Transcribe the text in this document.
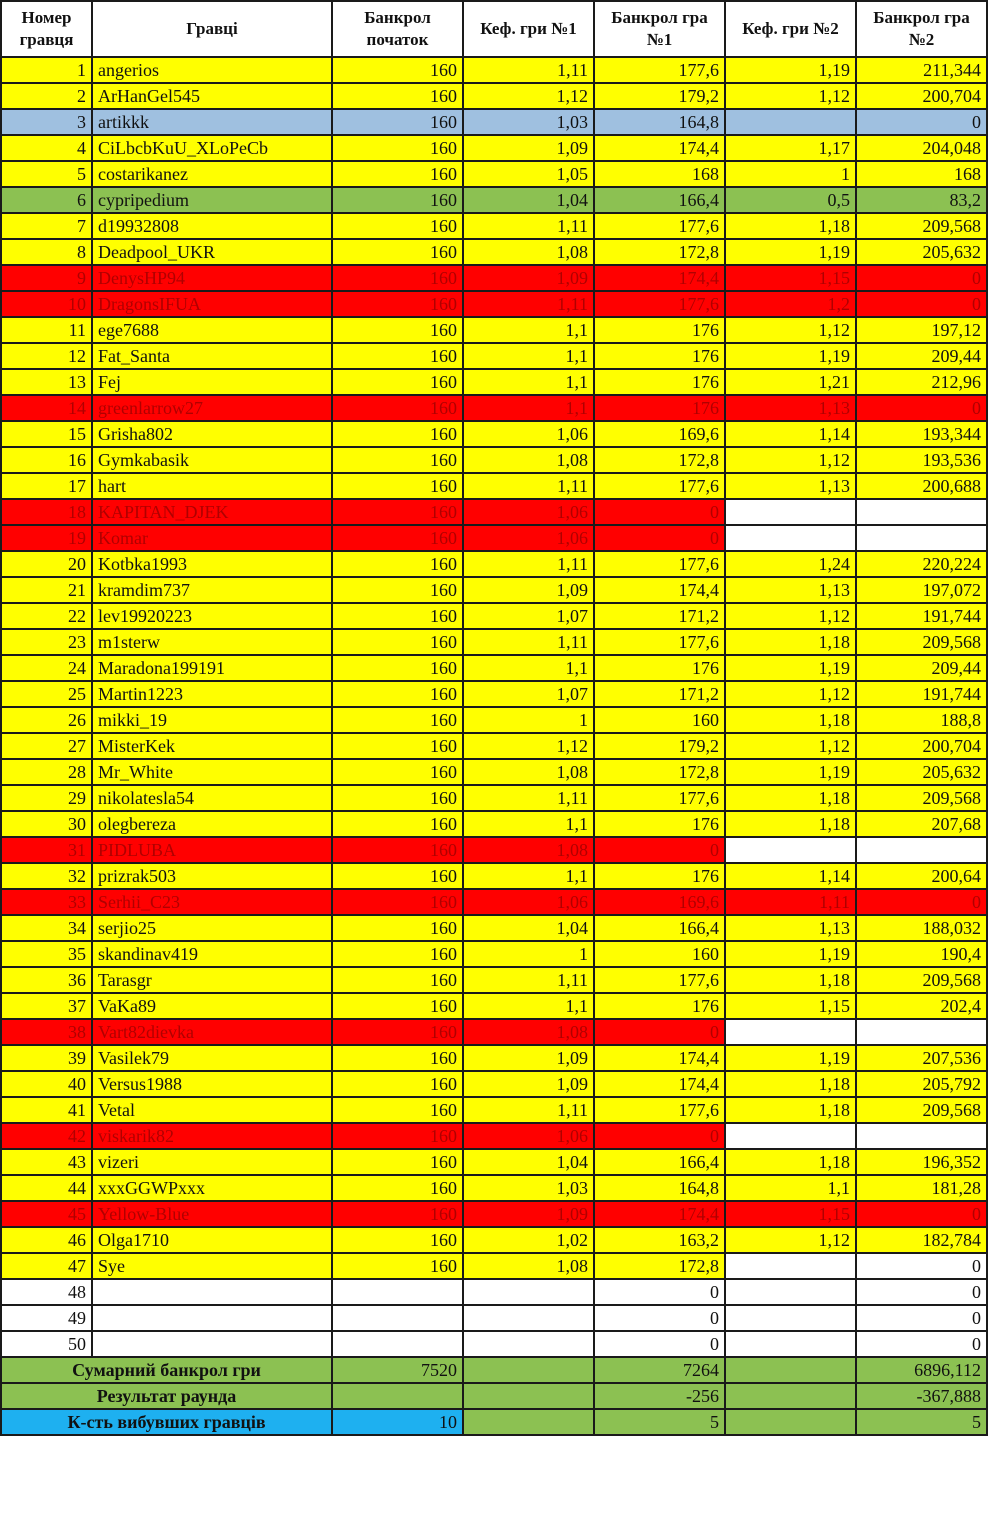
Номер гравця	Гравці	Банкрол початок	Кеф. гри №1	Банкрол гра №1	Кеф. гри №2	Банкрол гра №2
1	angerios	160	1,11	177,6	1,19	211,344
2	ArHanGel545	160	1,12	179,2	1,12	200,704
3	artikkk	160	1,03	164,8		0
4	CiLbcbKuU_XLoPeCb	160	1,09	174,4	1,17	204,048
5	costarikanez	160	1,05	168	1	168
6	cypripedium	160	1,04	166,4	0,5	83,2
7	d19932808	160	1,11	177,6	1,18	209,568
8	Deadpool_UKR	160	1,08	172,8	1,19	205,632
9	DenysHP94	160	1,09	174,4	1,15	0
10	DragonsIFUA	160	1,11	177,6	1,2	0
11	ege7688	160	1,1	176	1,12	197,12
12	Fat_Santa	160	1,1	176	1,19	209,44
13	Fej	160	1,1	176	1,21	212,96
14	greenlarrow27	160	1,1	176	1,13	0
15	Grisha802	160	1,06	169,6	1,14	193,344
16	Gymkabasik	160	1,08	172,8	1,12	193,536
17	hart	160	1,11	177,6	1,13	200,688
18	KAPITAN_DJEK	160	1,06	0		
19	Komar	160	1,06	0		
20	Kotbka1993	160	1,11	177,6	1,24	220,224
21	kramdim737	160	1,09	174,4	1,13	197,072
22	lev19920223	160	1,07	171,2	1,12	191,744
23	m1sterw	160	1,11	177,6	1,18	209,568
24	Maradona199191	160	1,1	176	1,19	209,44
25	Martin1223	160	1,07	171,2	1,12	191,744
26	mikki_19	160	1	160	1,18	188,8
27	MisterKek	160	1,12	179,2	1,12	200,704
28	Mr_White	160	1,08	172,8	1,19	205,632
29	nikolatesla54	160	1,11	177,6	1,18	209,568
30	olegbereza	160	1,1	176	1,18	207,68
31	PIDLUBA	160	1,08	0		
32	prizrak503	160	1,1	176	1,14	200,64
33	Serhii_C23	160	1,06	169,6	1,11	0
34	serjio25	160	1,04	166,4	1,13	188,032
35	skandinav419	160	1	160	1,19	190,4
36	Tarasgr	160	1,11	177,6	1,18	209,568
37	VaKa89	160	1,1	176	1,15	202,4
38	Vart82dievka	160	1,08	0		
39	Vasilek79	160	1,09	174,4	1,19	207,536
40	Versus1988	160	1,09	174,4	1,18	205,792
41	Vetal	160	1,11	177,6	1,18	209,568
42	viskarik82	160	1,06	0		
43	vizeri	160	1,04	166,4	1,18	196,352
44	xxxGGWPxxx	160	1,03	164,8	1,1	181,28
45	Yellow-Blue	160	1,09	174,4	1,15	0
46	Olga1710	160	1,02	163,2	1,12	182,784
47	Sye	160	1,08	172,8		0
48				0		0
49				0		0
50				0		0
Сумарний банкрол гри		7520		7264		6896,112
Результат раунда				-256		-367,888
К-сть вибувших гравців		10		5		5
